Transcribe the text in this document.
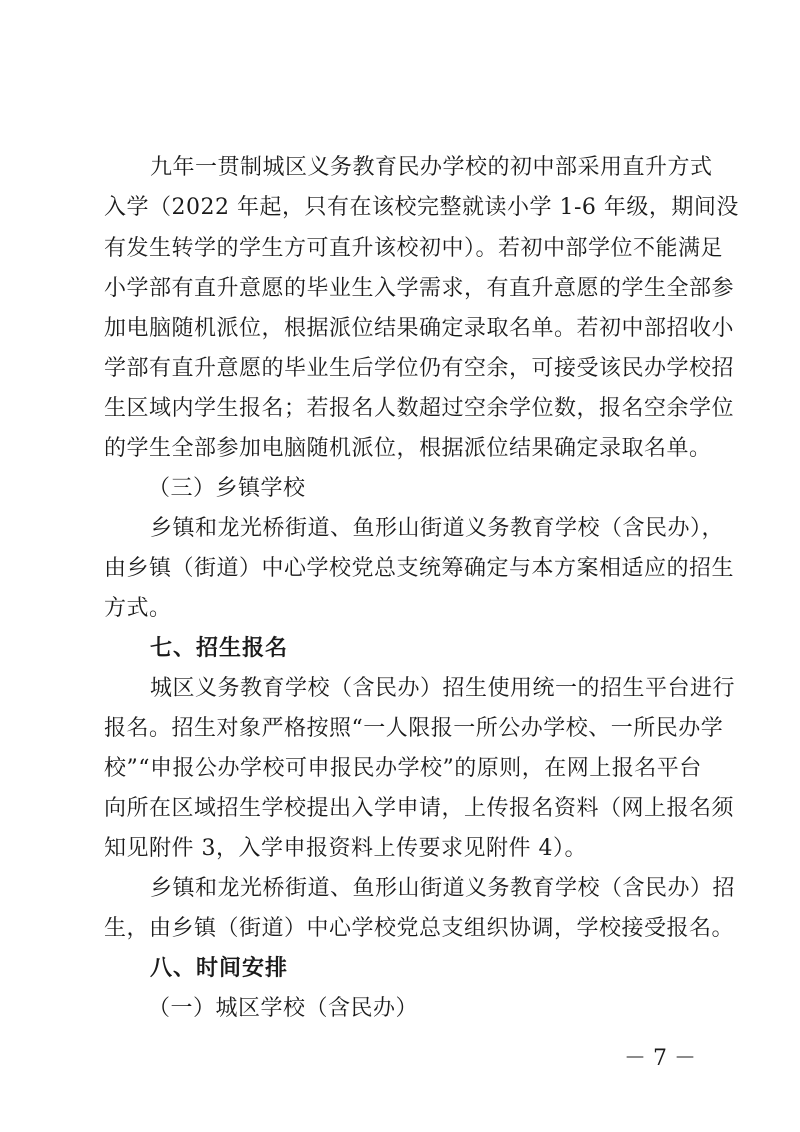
九年一贯制城区义务教育民办学校的初中部采用直升方式
入学（2022 年起，只有在该校完整就读小学 1-6 年级，期间没
有发生转学的学生方可直升该校初中）。若初中部学位不能满足
小学部有直升意愿的毕业生入学需求，有直升意愿的学生全部参
加电脑随机派位，根据派位结果确定录取名单。若初中部招收小
学部有直升意愿的毕业生后学位仍有空余，可接受该民办学校招
生区域内学生报名；若报名人数超过空余学位数，报名空余学位
的学生全部参加电脑随机派位，根据派位结果确定录取名单。
（三）乡镇学校
乡镇和龙光桥街道、鱼形山街道义务教育学校（含民办），
由乡镇（街道）中心学校党总支统筹确定与本方案相适应的招生
方式。
七、招生报名
城区义务教育学校（含民办）招生使用统一的招生平台进行
报名。招生对象严格按照“一人限报一所公办学校、一所民办学
校”“申报公办学校可申报民办学校”的原则，在网上报名平台
向所在区域招生学校提出入学申请，上传报名资料（网上报名须
知见附件 3，入学申报资料上传要求见附件 4）。
乡镇和龙光桥街道、鱼形山街道义务教育学校（含民办）招
生，由乡镇（街道）中心学校党总支组织协调，学校接受报名。
八、时间安排
（一）城区学校（含民办）
－ 7 －
